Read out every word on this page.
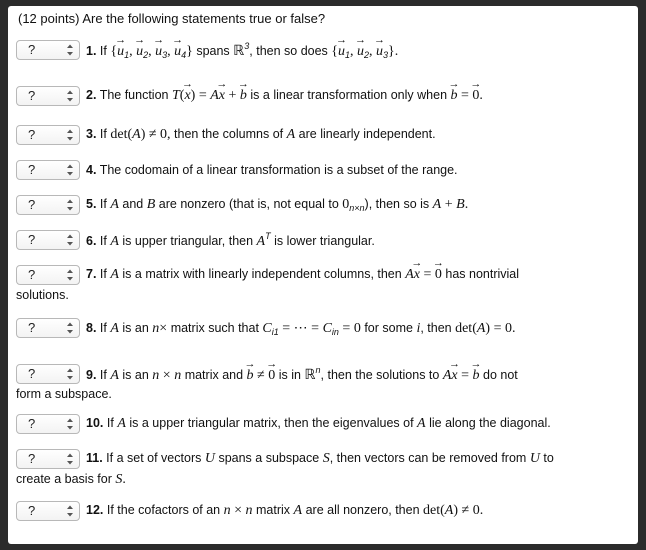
(12 points) Are the following statements true or false?
?	1. If {→ $u_1$, → $u_2$, → $u_3$, → $u_4$} spans ℝ$^3$, then so does {→ $u_1$, → $u_2$, → $u_3$}.
?	2. The function T(→ x) = A→ x + → b is a linear transformation only when → b = → 0.
?	3. If det(A) ≠ 0, then the columns of A are linearly independent.
?	4. The codomain of a linear transformation is a subset of the range.
?	5. If A and B are nonzero (that is, not equal to $0_{n\times n}$), then so is A + B.
?	6. If A is upper triangular, then $A^T$ is lower triangular.
?	7. If A is a matrix with linearly independent columns, then A→ x = → 0 has nontrivial
solutions.
?	8. If A is an n× matrix such that $C_{i1}$ = ⋯ = $C_{in} = 0$ for some i, then det(A) = 0.
?	9. If A is an n × n matrix and → b ≠ → 0 is in ℝ$^n$, then the solutions to A→ x = → b do not
form a subspace.
?	10. If A is a upper triangular matrix, then the eigenvalues of A lie along the diagonal.
?	11. If a set of vectors U spans a subspace S, then vectors can be removed from U to
create a basis for S.
?	12. If the cofactors of an n × n matrix A are all nonzero, then det(A) ≠ 0.
